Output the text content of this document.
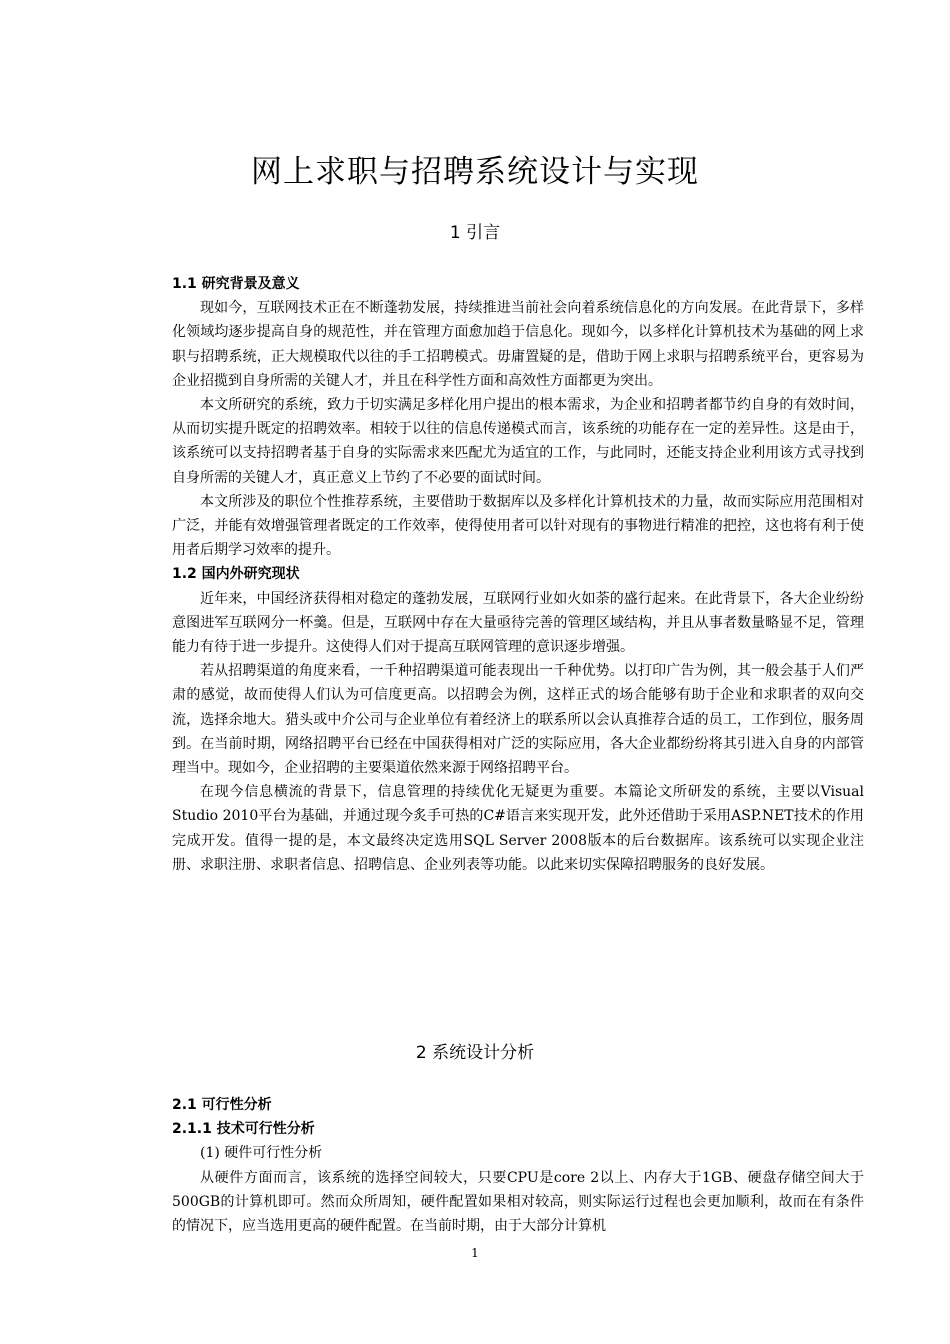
网上求职与招聘系统设计与实现
1 引言
1.1 研究背景及意义

现如今，互联网技术正在不断蓬勃发展，持续推进当前社会向着系统信息化的方向发展。在此背景下，多样化领域均逐步提高自身的规范性，并在管理方面愈加趋于信息化。现如今，以多样化计算机技术为基础的网上求职与招聘系统，正大规模取代以往的手工招聘模式。毋庸置疑的是，借助于网上求职与招聘系统平台，更容易为企业招揽到自身所需的关键人才，并且在科学性方面和高效性方面都更为突出。

本文所研究的系统，致力于切实满足多样化用户提出的根本需求，为企业和招聘者都节约自身的有效时间，从而切实提升既定的招聘效率。相较于以往的信息传递模式而言，该系统的功能存在一定的差异性。这是由于，该系统可以支持招聘者基于自身的实际需求来匹配尤为适宜的工作，与此同时，还能支持企业利用该方式寻找到自身所需的关键人才，真正意义上节约了不必要的面试时间。

本文所涉及的职位个性推荐系统，主要借助于数据库以及多样化计算机技术的力量，故而实际应用范围相对广泛，并能有效增强管理者既定的工作效率，使得使用者可以针对现有的事物进行精准的把控，这也将有利于使用者后期学习效率的提升。

1.2 国内外研究现状

近年来，中国经济获得相对稳定的蓬勃发展，互联网行业如火如荼的盛行起来。在此背景下，各大企业纷纷意图进军互联网分一杯羹。但是，互联网中存在大量亟待完善的管理区域结构，并且从事者数量略显不足，管理能力有待于进一步提升。这使得人们对于提高互联网管理的意识逐步增强。

若从招聘渠道的角度来看，一千种招聘渠道可能表现出一千种优势。以打印广告为例，其一般会基于人们严肃的感觉，故而使得人们认为可信度更高。以招聘会为例，这样正式的场合能够有助于企业和求职者的双向交流，选择余地大。猎头或中介公司与企业单位有着经济上的联系所以会认真推荐合适的员工，工作到位，服务周到。在当前时期，网络招聘平台已经在中国获得相对广泛的实际应用，各大企业都纷纷将其引进入自身的内部管理当中。现如今，企业招聘的主要渠道依然来源于网络招聘平台。

在现今信息横流的背景下，信息管理的持续优化无疑更为重要。本篇论文所研发的系统，主要以Visual Studio 2010平台为基础，并通过现今炙手可热的C#语言来实现开发，此外还借助于采用ASP.NET技术的作用完成开发。值得一提的是，本文最终决定选用SQL Server 2008版本的后台数据库。该系统可以实现企业注册、求职注册、求职者信息、招聘信息、企业列表等功能。以此来切实保障招聘服务的良好发展。

2 系统设计分析
2.1 可行性分析
2.1.1 技术可行性分析

(1) 硬件可行性分析

从硬件方面而言，该系统的选择空间较大，只要CPU是core 2以上、内存大于1GB、硬盘存储空间大于500GB的计算机即可。然而众所周知，硬件配置如果相对较高，则实际运行过程也会更加顺利，故而在有条件的情况下，应当选用更高的硬件配置。在当前时期，由于大部分计算机

1
